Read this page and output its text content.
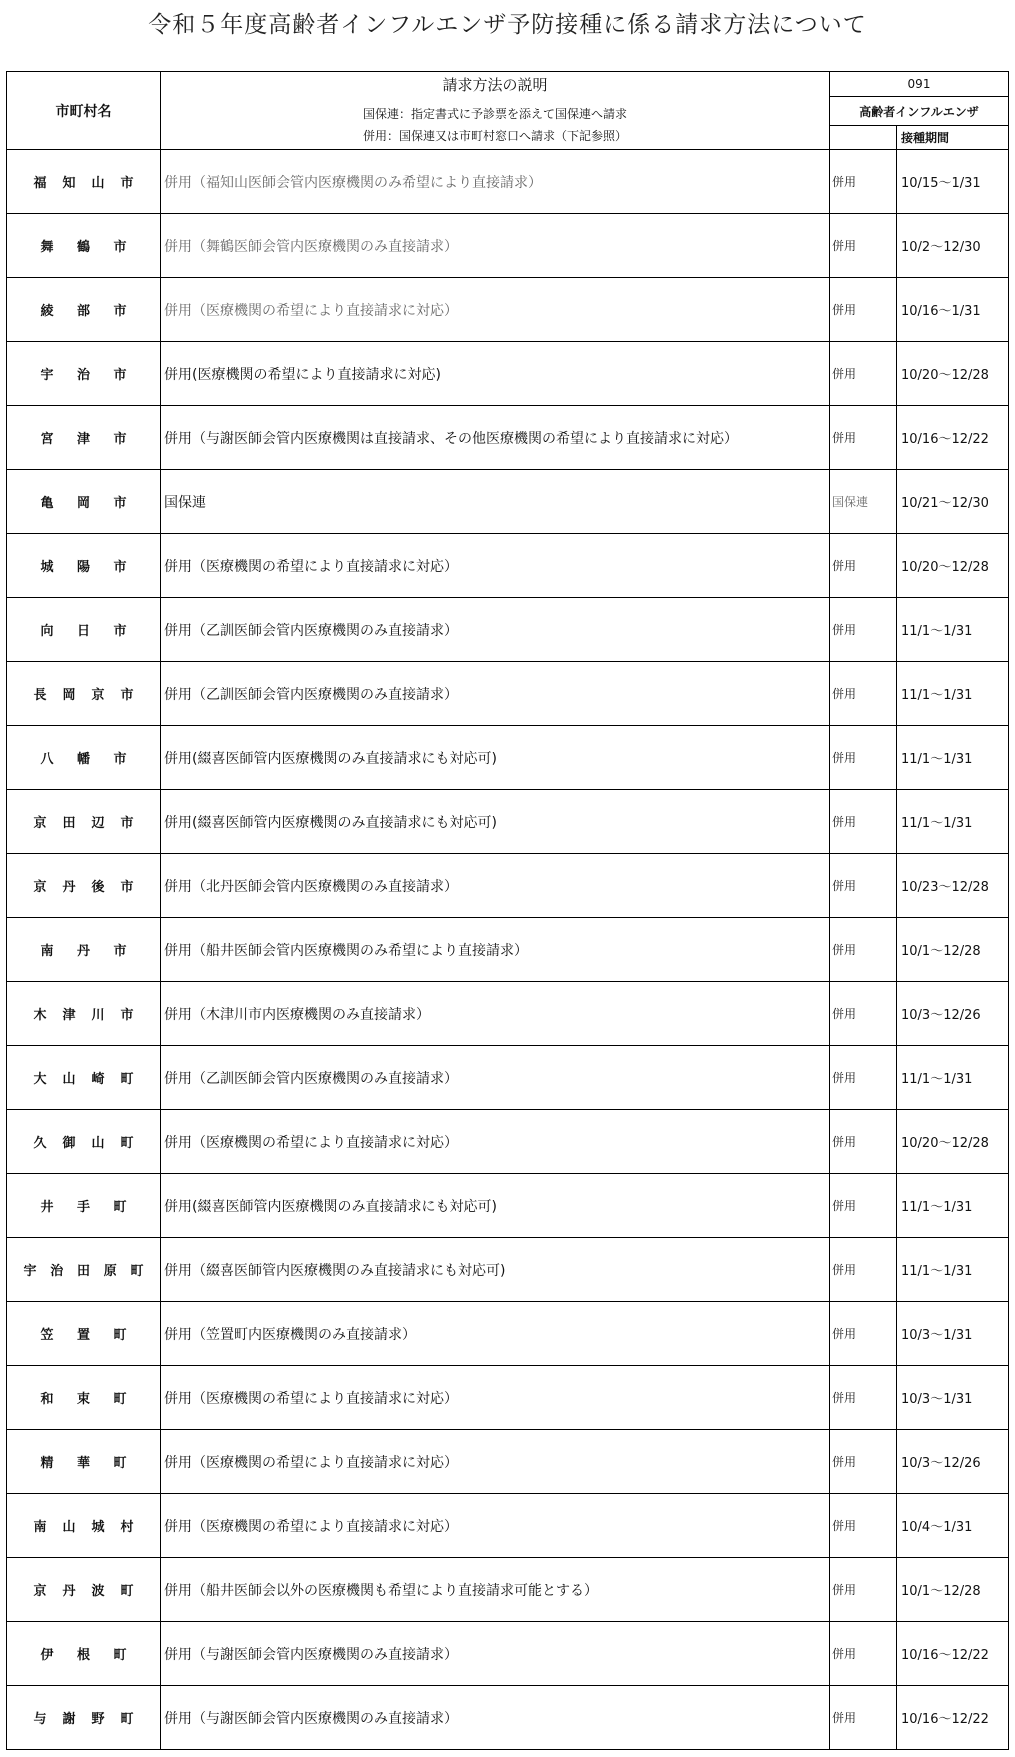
令和５年度高齢者インフルエンザ予防接種に係る請求方法について
市町村名	請求方法の説明
国保連：指定書式に予診票を添えて国保連へ請求
併用：国保連又は市町村窓口へ請求（下記参照）	091	
		高齢者インフルエンザ	
			接種期間

福 知 山 市	併用（福知山医師会管内医療機関のみ希望により直接請求）	併用	10/15～1/31

舞 鶴 市	併用（舞鶴医師会管内医療機関のみ直接請求）	併用	10/2～12/30

綾 部 市	併用（医療機関の希望により直接請求に対応）	併用	10/16～1/31

宇 治 市	併用(医療機関の希望により直接請求に対応)	併用	10/20～12/28

宮 津 市	併用（与謝医師会管内医療機関は直接請求、その他医療機関の希望により直接請求に対応）	併用	10/16～12/22

亀 岡 市	国保連	国保連	10/21～12/30

城 陽 市	併用（医療機関の希望により直接請求に対応）	併用	10/20～12/28

向 日 市	併用（乙訓医師会管内医療機関のみ直接請求）	併用	11/1～1/31

長 岡 京 市	併用（乙訓医師会管内医療機関のみ直接請求）	併用	11/1～1/31

八 幡 市	併用(綴喜医師管内医療機関のみ直接請求にも対応可)	併用	11/1～1/31

京 田 辺 市	併用(綴喜医師管内医療機関のみ直接請求にも対応可)	併用	11/1～1/31

京 丹 後 市	併用（北丹医師会管内医療機関のみ直接請求）	併用	10/23～12/28

南 丹 市	併用（船井医師会管内医療機関のみ希望により直接請求）	併用	10/1～12/28

木 津 川 市	併用（木津川市内医療機関のみ直接請求）	併用	10/3～12/26

大 山 崎 町	併用（乙訓医師会管内医療機関のみ直接請求）	併用	11/1～1/31

久 御 山 町	併用（医療機関の希望により直接請求に対応）	併用	10/20～12/28

井 手 町	併用(綴喜医師管内医療機関のみ直接請求にも対応可)	併用	11/1～1/31

宇 治 田 原 町	併用（綴喜医師管内医療機関のみ直接請求にも対応可)	併用	11/1～1/31

笠 置 町	併用（笠置町内医療機関のみ直接請求）	併用	10/3～1/31

和 束 町	併用（医療機関の希望により直接請求に対応）	併用	10/3～1/31

精 華 町	併用（医療機関の希望により直接請求に対応）	併用	10/3～12/26

南 山 城 村	併用（医療機関の希望により直接請求に対応）	併用	10/4～1/31

京 丹 波 町	併用（船井医師会以外の医療機関も希望により直接請求可能とする）	併用	10/1～12/28

伊 根 町	併用（与謝医師会管内医療機関のみ直接請求）	併用	10/16～12/22

与 謝 野 町	併用（与謝医師会管内医療機関のみ直接請求）	併用	10/16～12/22
